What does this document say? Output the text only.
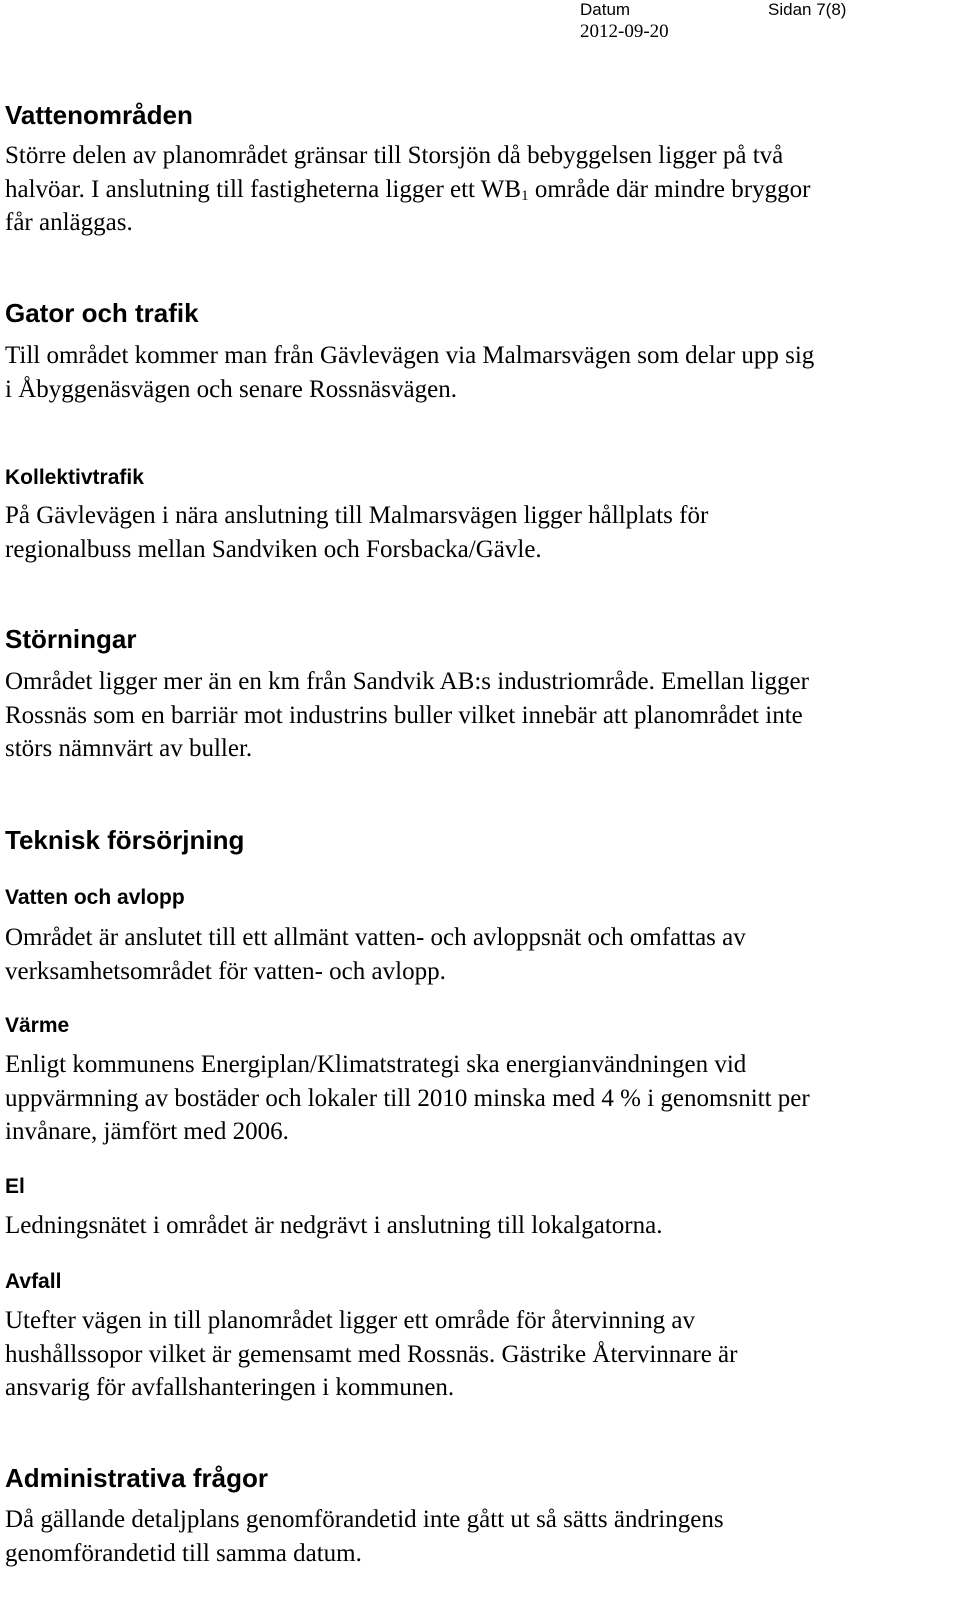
Datum	Sidan 7(8)
2012-09-20
Vattenområden
Större delen av planområdet gränsar till Storsjön då bebyggelsen ligger på två
halvöar. I anslutning till fastigheterna ligger ett $WB_1$ område där mindre bryggor
får anläggas.
Gator och trafik
Till området kommer man från Gävlevägen via Malmarsvägen som delar upp sig
i Åbyggenäsvägen och senare Rossnäsvägen.
Kollektivtrafik
På Gävlevägen i nära anslutning till Malmarsvägen ligger hållplats för
regionalbuss mellan Sandviken och Forsbacka/Gävle.
Störningar
Området ligger mer än en km från Sandvik AB:s industriområde. Emellan ligger
Rossnäs som en barriär mot industrins buller vilket innebär att planområdet inte
störs nämnvärt av buller.
Teknisk försörjning
Vatten och avlopp
Området är anslutet till ett allmänt vatten- och avloppsnät och omfattas av
verksamhetsområdet för vatten- och avlopp.
Värme
Enligt kommunens Energiplan/Klimatstrategi ska energianvändningen vid
uppvärmning av bostäder och lokaler till 2010 minska med 4 % i genomsnitt per
invånare, jämfört med 2006.
El
Ledningsnätet i området är nedgrävt i anslutning till lokalgatorna.
Avfall
Utefter vägen in till planområdet ligger ett område för återvinning av
hushållssopor vilket är gemensamt med Rossnäs. Gästrike Återvinnare är
ansvarig för avfallshanteringen i kommunen.
Administrativa frågor
Då gällande detaljplans genomförandetid inte gått ut så sätts ändringens
genomförandetid till samma datum.
